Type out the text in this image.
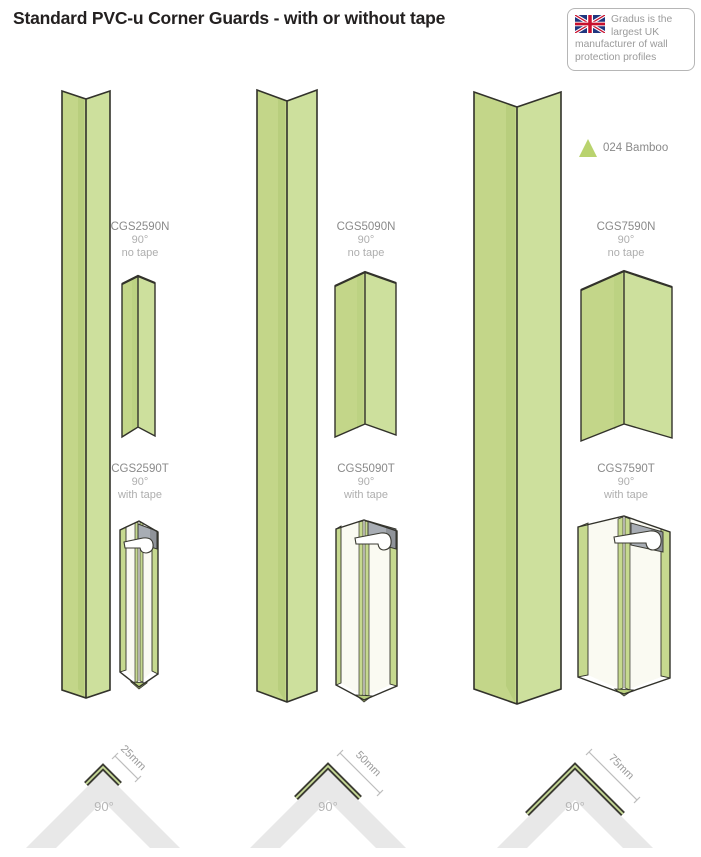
Standard PVC-u Corner Guards - with or without tape	Gradus is the largest UK manufacturer of wall protection profiles
024 Bamboo
CGS2590N
90°
no tape
CGS2590T
90°
with tape
CGS5090N
90°
no tape
CGS5090T
90°
with tape
CGS7590N
90°
no tape
CGS7590T
90°
with tape
25mm	50mm	75mm
90°	90°	90°
